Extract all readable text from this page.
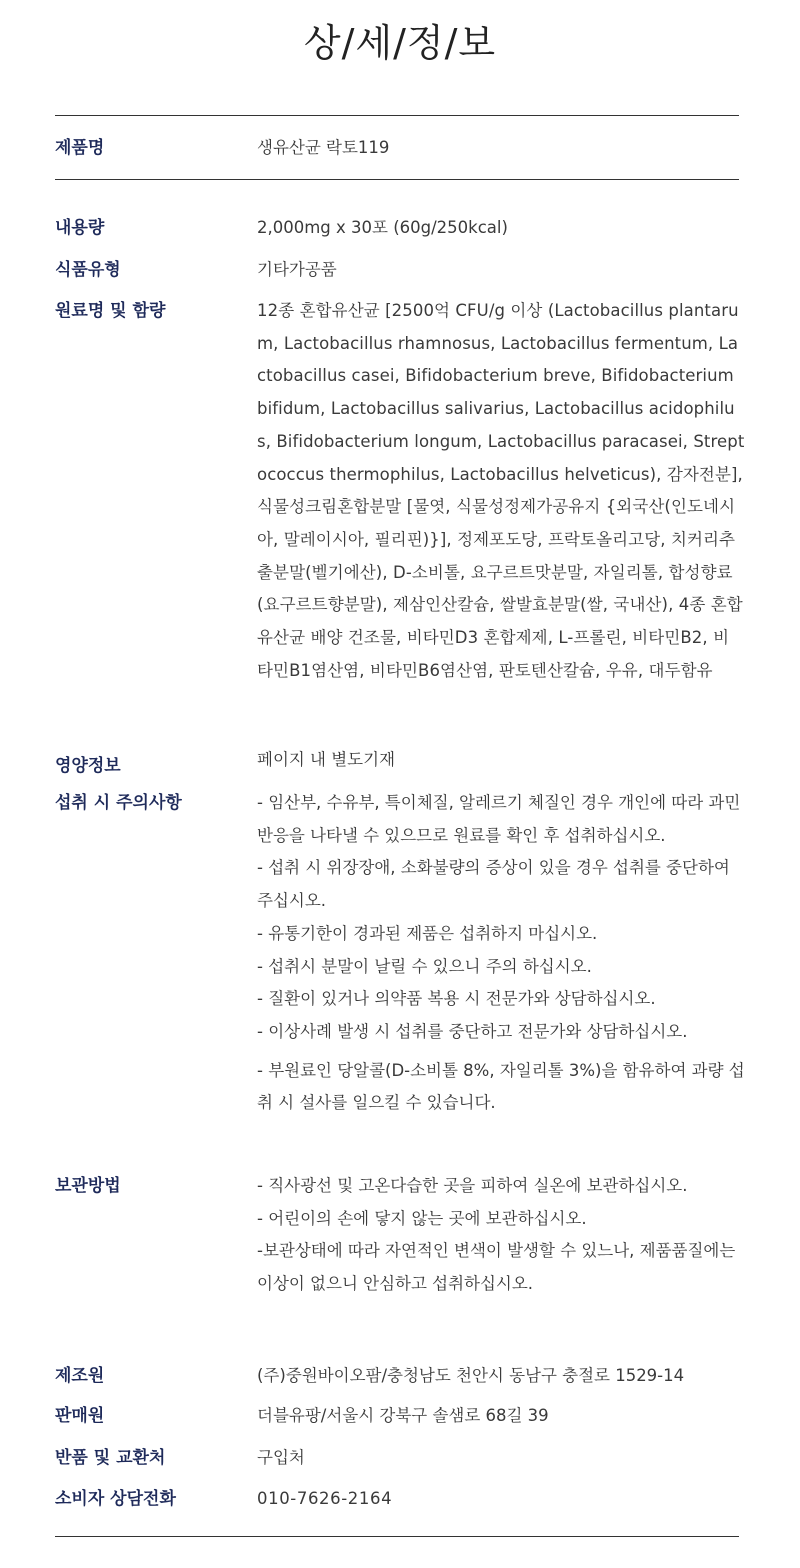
상/세/정/보
제품명	생유산균 락토119
내용량	2,000mg x 30포 (60g/250kcal)
식품유형	기타가공품
원료명 및 함량	12종 혼합유산균 [2500억 CFU/g 이상 (Lactobacillus plantarum, Lactobacillus rhamnosus, Lactobacillus fermentum, Lactobacillus casei, Bifidobacterium breve, Bifidobacterium bifidum, Lactobacillus salivarius, Lactobacillus acidophilus, Bifidobacterium longum, Lactobacillus paracasei, Streptococcus thermophilus, Lactobacillus helveticus), 감자전분], 식물성크림혼합분말 [물엿, 식물성정제가공유지 {외국산(인도네시아, 말레이시아, 필리핀)}], 정제포도당, 프락토올리고당, 치커리추출분말(벨기에산), D-소비톨, 요구르트맛분말, 자일리톨, 합성향료(요구르트향분말), 제삼인산칼슘, 쌀발효분말(쌀, 국내산), 4종 혼합 유산균 배양 건조물, 비타민D3 혼합제제, L-프롤린, 비타민B2, 비타민B1염산염, 비타민B6염산염, 판토텐산칼슘, 우유, 대두함유
영양정보	페이지 내 별도기재
섭취 시 주의사항	- 임산부, 수유부, 특이체질, 알레르기 체질인 경우 개인에 따라 과민반응을 나타낼 수 있으므로 원료를 확인 후 섭취하십시오.
- 섭취 시 위장장애, 소화불량의 증상이 있을 경우 섭취를 중단하여 주십시오.
- 유통기한이 경과된 제품은 섭취하지 마십시오.
- 섭취시 분말이 날릴 수 있으니 주의 하십시오.
- 질환이 있거나 의약품 복용 시 전문가와 상담하십시오.
- 이상사례 발생 시 섭취를 중단하고 전문가와 상담하십시오.
- 부원료인 당알콜(D-소비톨 8%, 자일리톨 3%)을 함유하여 과량 섭취 시 설사를 일으킬 수 있습니다.
보관방법	- 직사광선 및 고온다습한 곳을 피하여 실온에 보관하십시오.
- 어린이의 손에 닿지 않는 곳에 보관하십시오.
-보관상태에 따라 자연적인 변색이 발생할 수 있느나, 제품품질에는 이상이 없으니 안심하고 섭취하십시오.
제조원	(주)중원바이오팜/충청남도 천안시 동남구 충절로 1529-14
판매원	더블유팡/서울시 강북구 솔샘로 68길 39
반품 및 교환처	구입처
소비자 상담전화	010-7626-2164
